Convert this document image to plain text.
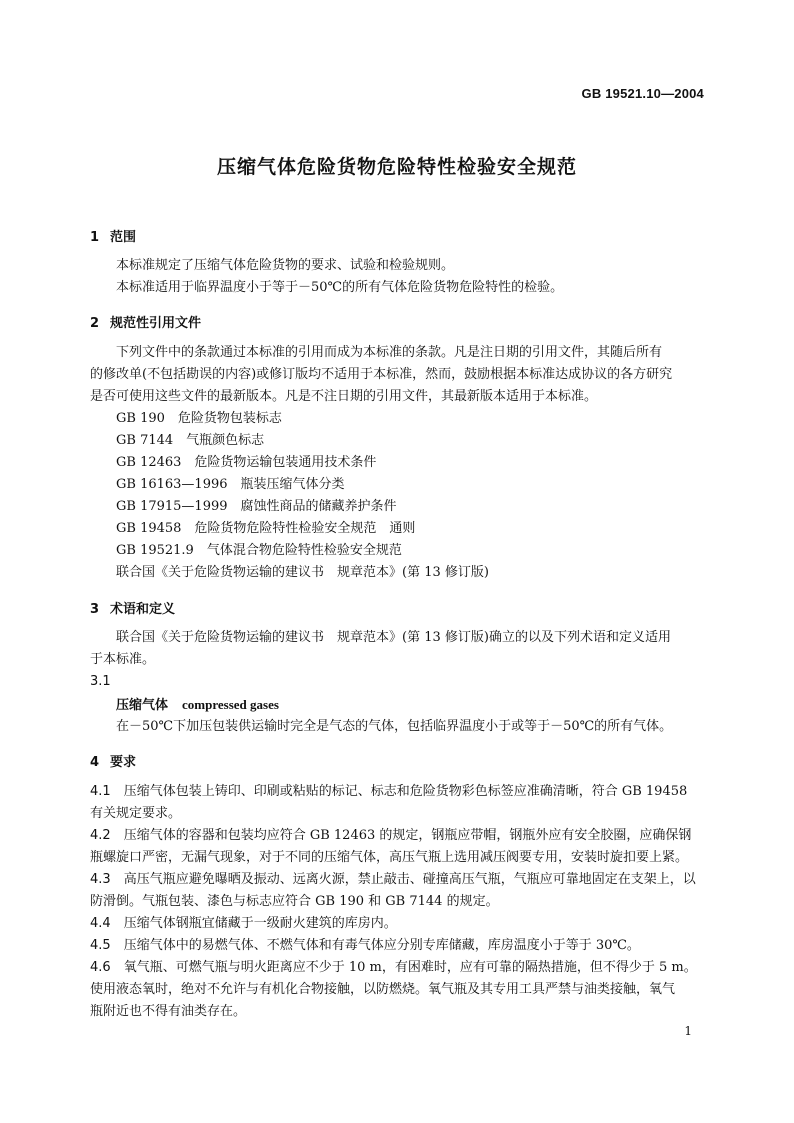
GB 19521.10—2004
压缩气体危险货物危险特性检验安全规范
1 范围
本标准规定了压缩气体危险货物的要求、试验和检验规则。
本标准适用于临界温度小于等于－50℃的所有气体危险货物危险特性的检验。
2 规范性引用文件
下列文件中的条款通过本标准的引用而成为本标准的条款。凡是注日期的引用文件，其随后所有
的修改单(不包括勘误的内容)或修订版均不适用于本标准，然而，鼓励根据本标准达成协议的各方研究
是否可使用这些文件的最新版本。凡是不注日期的引用文件，其最新版本适用于本标准。
GB 190　危险货物包装标志
GB 7144　气瓶颜色标志
GB 12463　危险货物运输包装通用技术条件
GB 16163—1996　瓶装压缩气体分类
GB 17915—1999　腐蚀性商品的储藏养护条件
GB 19458　危险货物危险特性检验安全规范　通则
GB 19521.9　气体混合物危险特性检验安全规范
联合国《关于危险货物运输的建议书　规章范本》(第 13 修订版)
3 术语和定义
联合国《关于危险货物运输的建议书　规章范本》(第 13 修订版)确立的以及下列术语和定义适用
于本标准。
3.1
压缩气体 compressed gases
在－50℃下加压包装供运输时完全是气态的气体，包括临界温度小于或等于－50℃的所有气体。
4 要求
4.1　 压缩气体包装上铸印、印刷或粘贴的标记、标志和危险货物彩色标签应准确清晰，符合 GB 19458
有关规定要求。
4.2　 压缩气体的容器和包装均应符合 GB 12463 的规定，钢瓶应带帽，钢瓶外应有安全胶圈，应确保钢
瓶螺旋口严密，无漏气现象，对于不同的压缩气体，高压气瓶上选用减压阀要专用，安装时旋扣要上紧。
4.3　 高压气瓶应避免曝晒及振动、远离火源，禁止敲击、碰撞高压气瓶，气瓶应可靠地固定在支架上，以
防滑倒。气瓶包装、漆色与标志应符合 GB 190 和 GB 7144 的规定。
4.4　 压缩气体钢瓶宜储藏于一级耐火建筑的库房内。
4.5　 压缩气体中的易燃气体、不燃气体和有毒气体应分别专库储藏，库房温度小于等于 30℃。
4.6　 氧气瓶、可燃气瓶与明火距离应不少于 10 m，有困难时，应有可靠的隔热措施，但不得少于 5 m。
使用液态氧时，绝对不允许与有机化合物接触，以防燃烧。氧气瓶及其专用工具严禁与油类接触，氧气
瓶附近也不得有油类存在。
1
